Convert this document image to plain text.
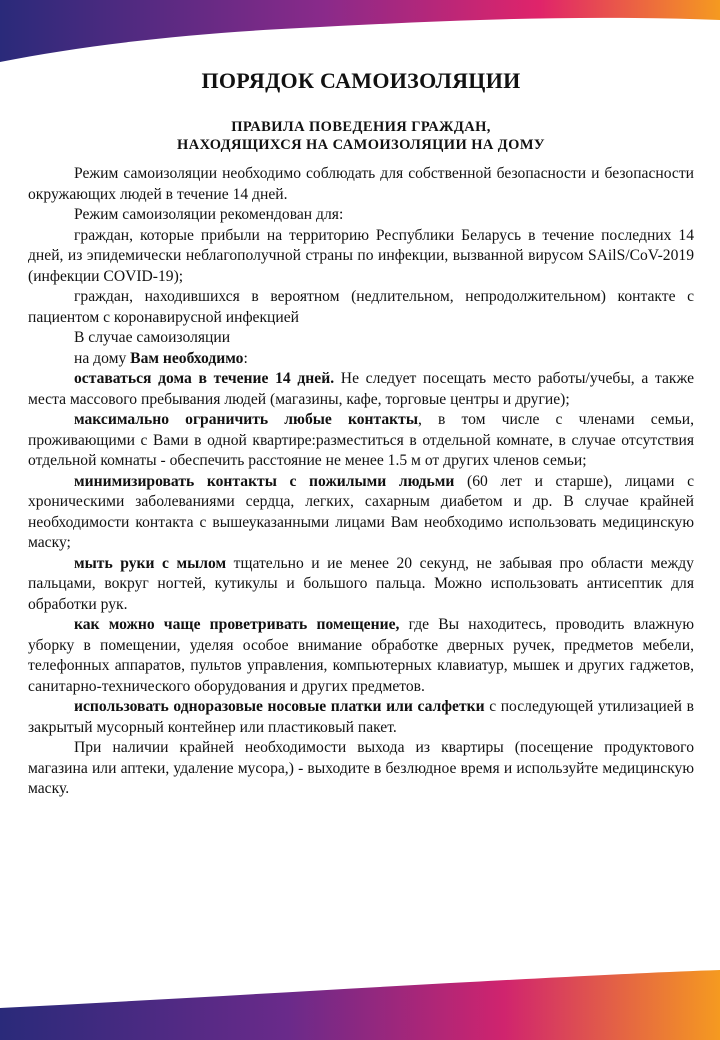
ПОРЯДОК САМОИЗОЛЯЦИИ
ПРАВИЛА ПОВЕДЕНИЯ ГРАЖДАН,
НАХОДЯЩИХСЯ НА САМОИЗОЛЯЦИИ НА ДОМУ

Режим самоизоляции необходимо соблюдать для собственной безопасности и безопасности окружающих людей в течение 14 дней.

Режим самоизоляции рекомендован для:

граждан, которые прибыли на территорию Республики Беларусь в течение последних 14 дней, из эпидемически неблагополучной страны по инфекции, вызванной вирусом SAilS/CoV-2019 (инфекции COVID-19);

граждан, находившихся в вероятном (недлительном, непродолжительном) контакте с пациентом с коронавирусной инфекцией

В случае самоизоляции

на дому Вам необходимо:

оставаться дома в течение 14 дней. Не следует посещать место работы/учебы, а также места массового пребывания людей (магазины, кафе, торговые центры и другие);

максимально ограничить любые контакты, в том числе с членами семьи, проживающими с Вами в одной квартире:разместиться в отдельной комнате, в случае отсутствия отдельной комнаты - обеспечить расстояние не менее 1.5 м от других членов семьи;

минимизировать контакты с пожилыми людьми (60 лет и старше), лицами с хроническими заболеваниями сердца, легких, сахарным диабетом и др. В случае крайней необходимости контакта с вышеуказанными лицами Вам необходимо использовать медицинскую маску;

мыть руки с мылом тщательно и ие менее 20 секунд, не забывая про области между пальцами, вокруг ногтей, кутикулы и большого пальца. Можно использовать антисептик для обработки рук.

как можно чаще проветривать помещение, где Вы находитесь, проводить влажную уборку в помещении, уделяя особое внимание обработке дверных ручек, предметов мебели, телефонных аппаратов, пультов управления, компьютерных клавиатур, мышек и других гаджетов, санитарно-технического оборудования и других предметов.

использовать одноразовые носовые платки или салфетки с последующей утилизацией в закрытый мусорный контейнер или пластиковый пакет.

При наличии крайней необходимости выхода из квартиры (посещение продуктового магазина или аптеки, удаление мусора,) - выходите в безлюдное время и используйте медицинскую маску.
